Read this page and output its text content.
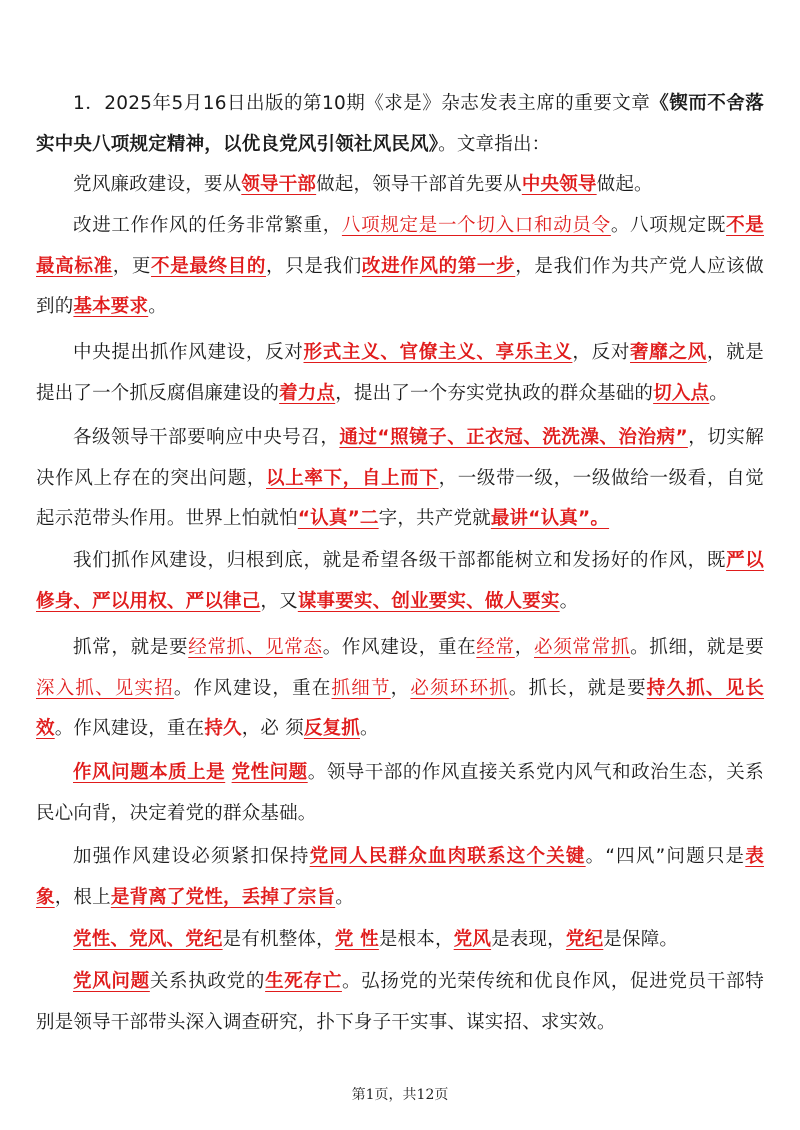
1．2025年5月16日出版的第10期《求是》杂志发表主席的重要文章《锲而不舍落实中央八项规定精神，以优良党风引领社风民风》。文章指出：

党风廉政建设，要从领导干部做起，领导干部首先要从中央领导做起。

改进工作作风的任务非常繁重，八项规定是一个切入口和动员令。八项规定既不是最高标准，更不是最终目的，只是我们改进作风的第一步，是我们作为共产党人应该做到的基本要求。

中央提出抓作风建设，反对形式主义、官僚主义、享乐主义，反对奢靡之风，就是提出了一个抓反腐倡廉建设的着力点，提出了一个夯实党执政的群众基础的切入点。

各级领导干部要响应中央号召，通过“照镜子、正衣冠、洗洗澡、治治病”，切实解决作风上存在的突出问题，以上率下，自上而下，一级带一级，一级做给一级看，自觉起示范带头作用。世界上怕就怕“认真”二字，共产党就最讲“认真”。

我们抓作风建设，归根到底，就是希望各级干部都能树立和发扬好的作风，既严以修身、严以用权、严以律己，又谋事要实、创业要实、做人要实。

抓常，就是要经常抓、见常态。作风建设，重在经常，必须常常抓。抓细，就是要深入抓、见实招。作风建设，重在抓细节，必须环环抓。抓长，就是要持久抓、见长效。作风建设，重在持久，必 须反复抓。

作风问题本质上是 党性问题。领导干部的作风直接关系党内风气和政治生态，关系民心向背，决定着党的群众基础。

加强作风建设必须紧扣保持党同人民群众血肉联系这个关键。“四风”问题只是表象，根上是背离了党性，丢掉了宗旨。

党性、党风、党纪是有机整体，党 性是根本，党风是表现，党纪是保障。

党风问题关系执政党的生死存亡。弘扬党的光荣传统和优良作风，促进党员干部特别是领导干部带头深入调查研究，扑下身子干实事、谋实招、求实效。

第1页，共12页
